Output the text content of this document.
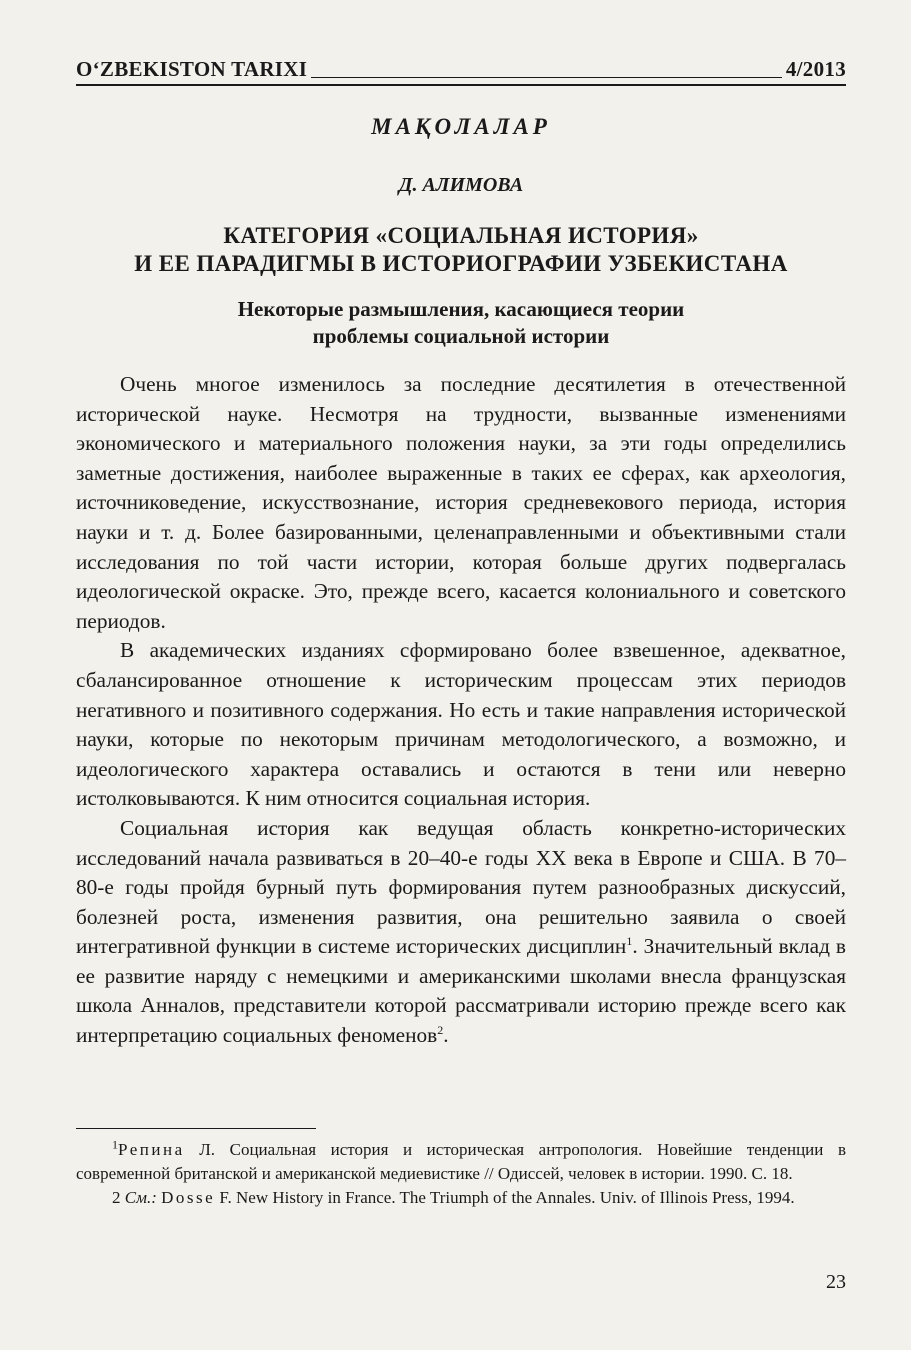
O‘ZBEKISTON TARIXI	4/2013
МАҚОЛАЛАР
Д. АЛИМОВА
КАТЕГОРИЯ «СОЦИАЛЬНАЯ ИСТОРИЯ»
И ЕЕ ПАРАДИГМЫ В ИСТОРИОГРАФИИ УЗБЕКИСТАНА
Некоторые размышления, касающиеся теории
проблемы социальной истории

Очень многое изменилось за последние десятилетия в отечественной исторической науке. Несмотря на трудности, вызванные изменениями экономического и материального положения науки, за эти годы определились заметные достижения, наиболее выраженные в таких ее сферах, как археология, источниковедение, искусствознание, история средневекового периода, история науки и т. д. Более базированными, целенаправленными и объективными стали исследования по той части истории, которая больше других подвергалась идеологической окраске. Это, прежде всего, касается колониального и советского периодов.

В академических изданиях сформировано более взвешенное, адекватное, сбалансированное отношение к историческим процессам этих периодов негативного и позитивного содержания. Но есть и такие направления исторической науки, которые по некоторым причинам методологического, а возможно, и идеологического характера оставались и остаются в тени или неверно истолковываются. К ним относится социальная история.

Социальная история как ведущая область конкретно-исторических исследований начала развиваться в 20–40-е годы XX века в Европе и США. В 70–80-е годы пройдя бурный путь формирования путем разнообразных дискуссий, болезней роста, изменения развития, она решительно заявила о своей интегративной функции в системе исторических дисциплин$^1$. Значительный вклад в ее развитие наряду с немецкими и американскими школами внесла французская школа Анналов, представители которой рассматривали историю прежде всего как интерпретацию социальных феноменов$^2$.

$^1$Репина Л. Социальная история и историческая антропология. Новейшие тенденции в современной британской и американской медиевистике // Одиссей, человек в истории. 1990. С. 18.

2 См.: Dosse F. New History in France. The Triumph of the Annales. Univ. of Illinois Press, 1994.

23
